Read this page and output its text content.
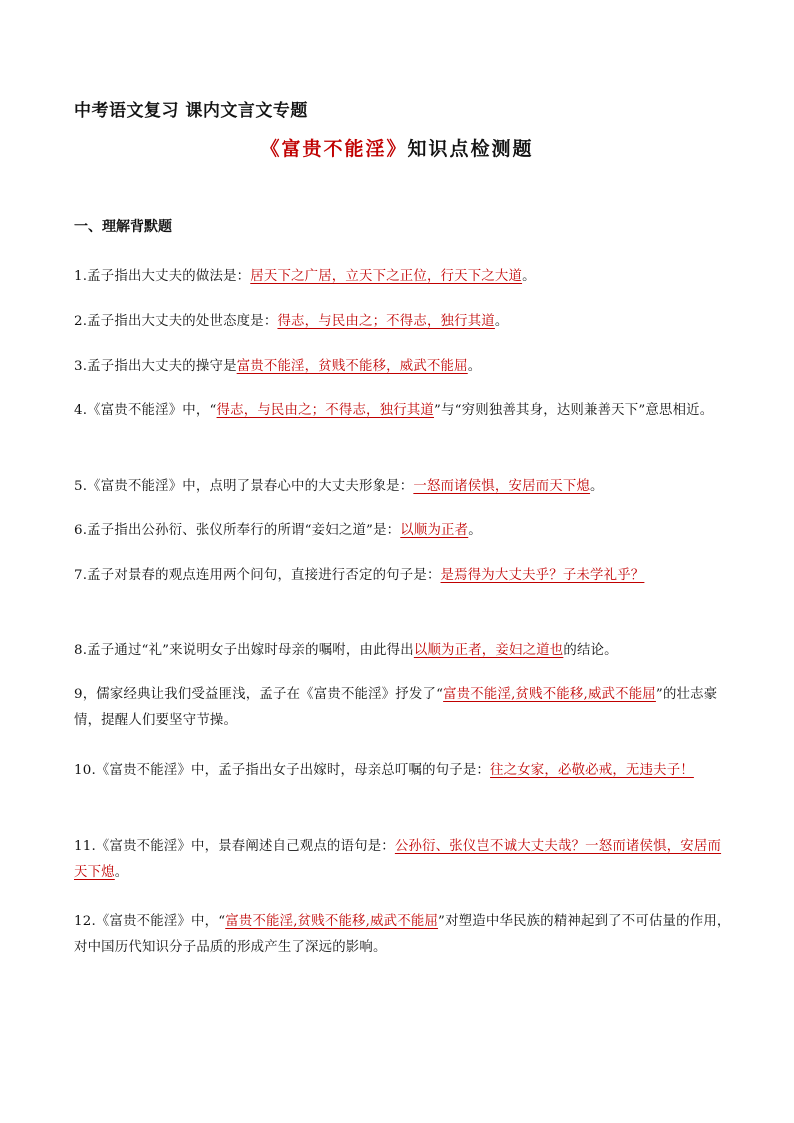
中考语文复习 课内文言文专题
《富贵不能淫》知识点检测题
一、理解背默题
1.孟子指出大丈夫的做法是：居天下之广居，立天下之正位，行天下之大道。
2.孟子指出大丈夫的处世态度是：得志，与民由之；不得志，独行其道。
3.孟子指出大丈夫的操守是富贵不能淫，贫贱不能移，威武不能屈。
4.《富贵不能淫》中，“得志，与民由之；不得志，独行其道”与“穷则独善其身，达则兼善天下”意思相近。
5.《富贵不能淫》中，点明了景春心中的大丈夫形象是：一怒而诸侯惧，安居而天下熄。
6.孟子指出公孙衍、张仪所奉行的所谓“妾妇之道”是：以顺为正者。
7.孟子对景春的观点连用两个问句，直接进行否定的句子是：是焉得为大丈夫乎？子未学礼乎？
8.孟子通过“礼”来说明女子出嫁时母亲的嘱咐，由此得出以顺为正者，妾妇之道也的结论。
9，儒家经典让我们受益匪浅，孟子在《富贵不能淫》抒发了“富贵不能淫,贫贱不能移,威武不能屈”的壮志豪情，提醒人们要坚守节操。
10.《富贵不能淫》中，孟子指出女子出嫁时，母亲总叮嘱的句子是：往之女家，必敬必戒，无违夫子！
11.《富贵不能淫》中，景春阐述自己观点的语句是：公孙衍、张仪岂不诚大丈夫哉？一怒而诸侯惧，安居而天下熄。
12.《富贵不能淫》中，“富贵不能淫,贫贱不能移,威武不能屈”对塑造中华民族的精神起到了不可估量的作用，对中国历代知识分子品质的形成产生了深远的影响。
